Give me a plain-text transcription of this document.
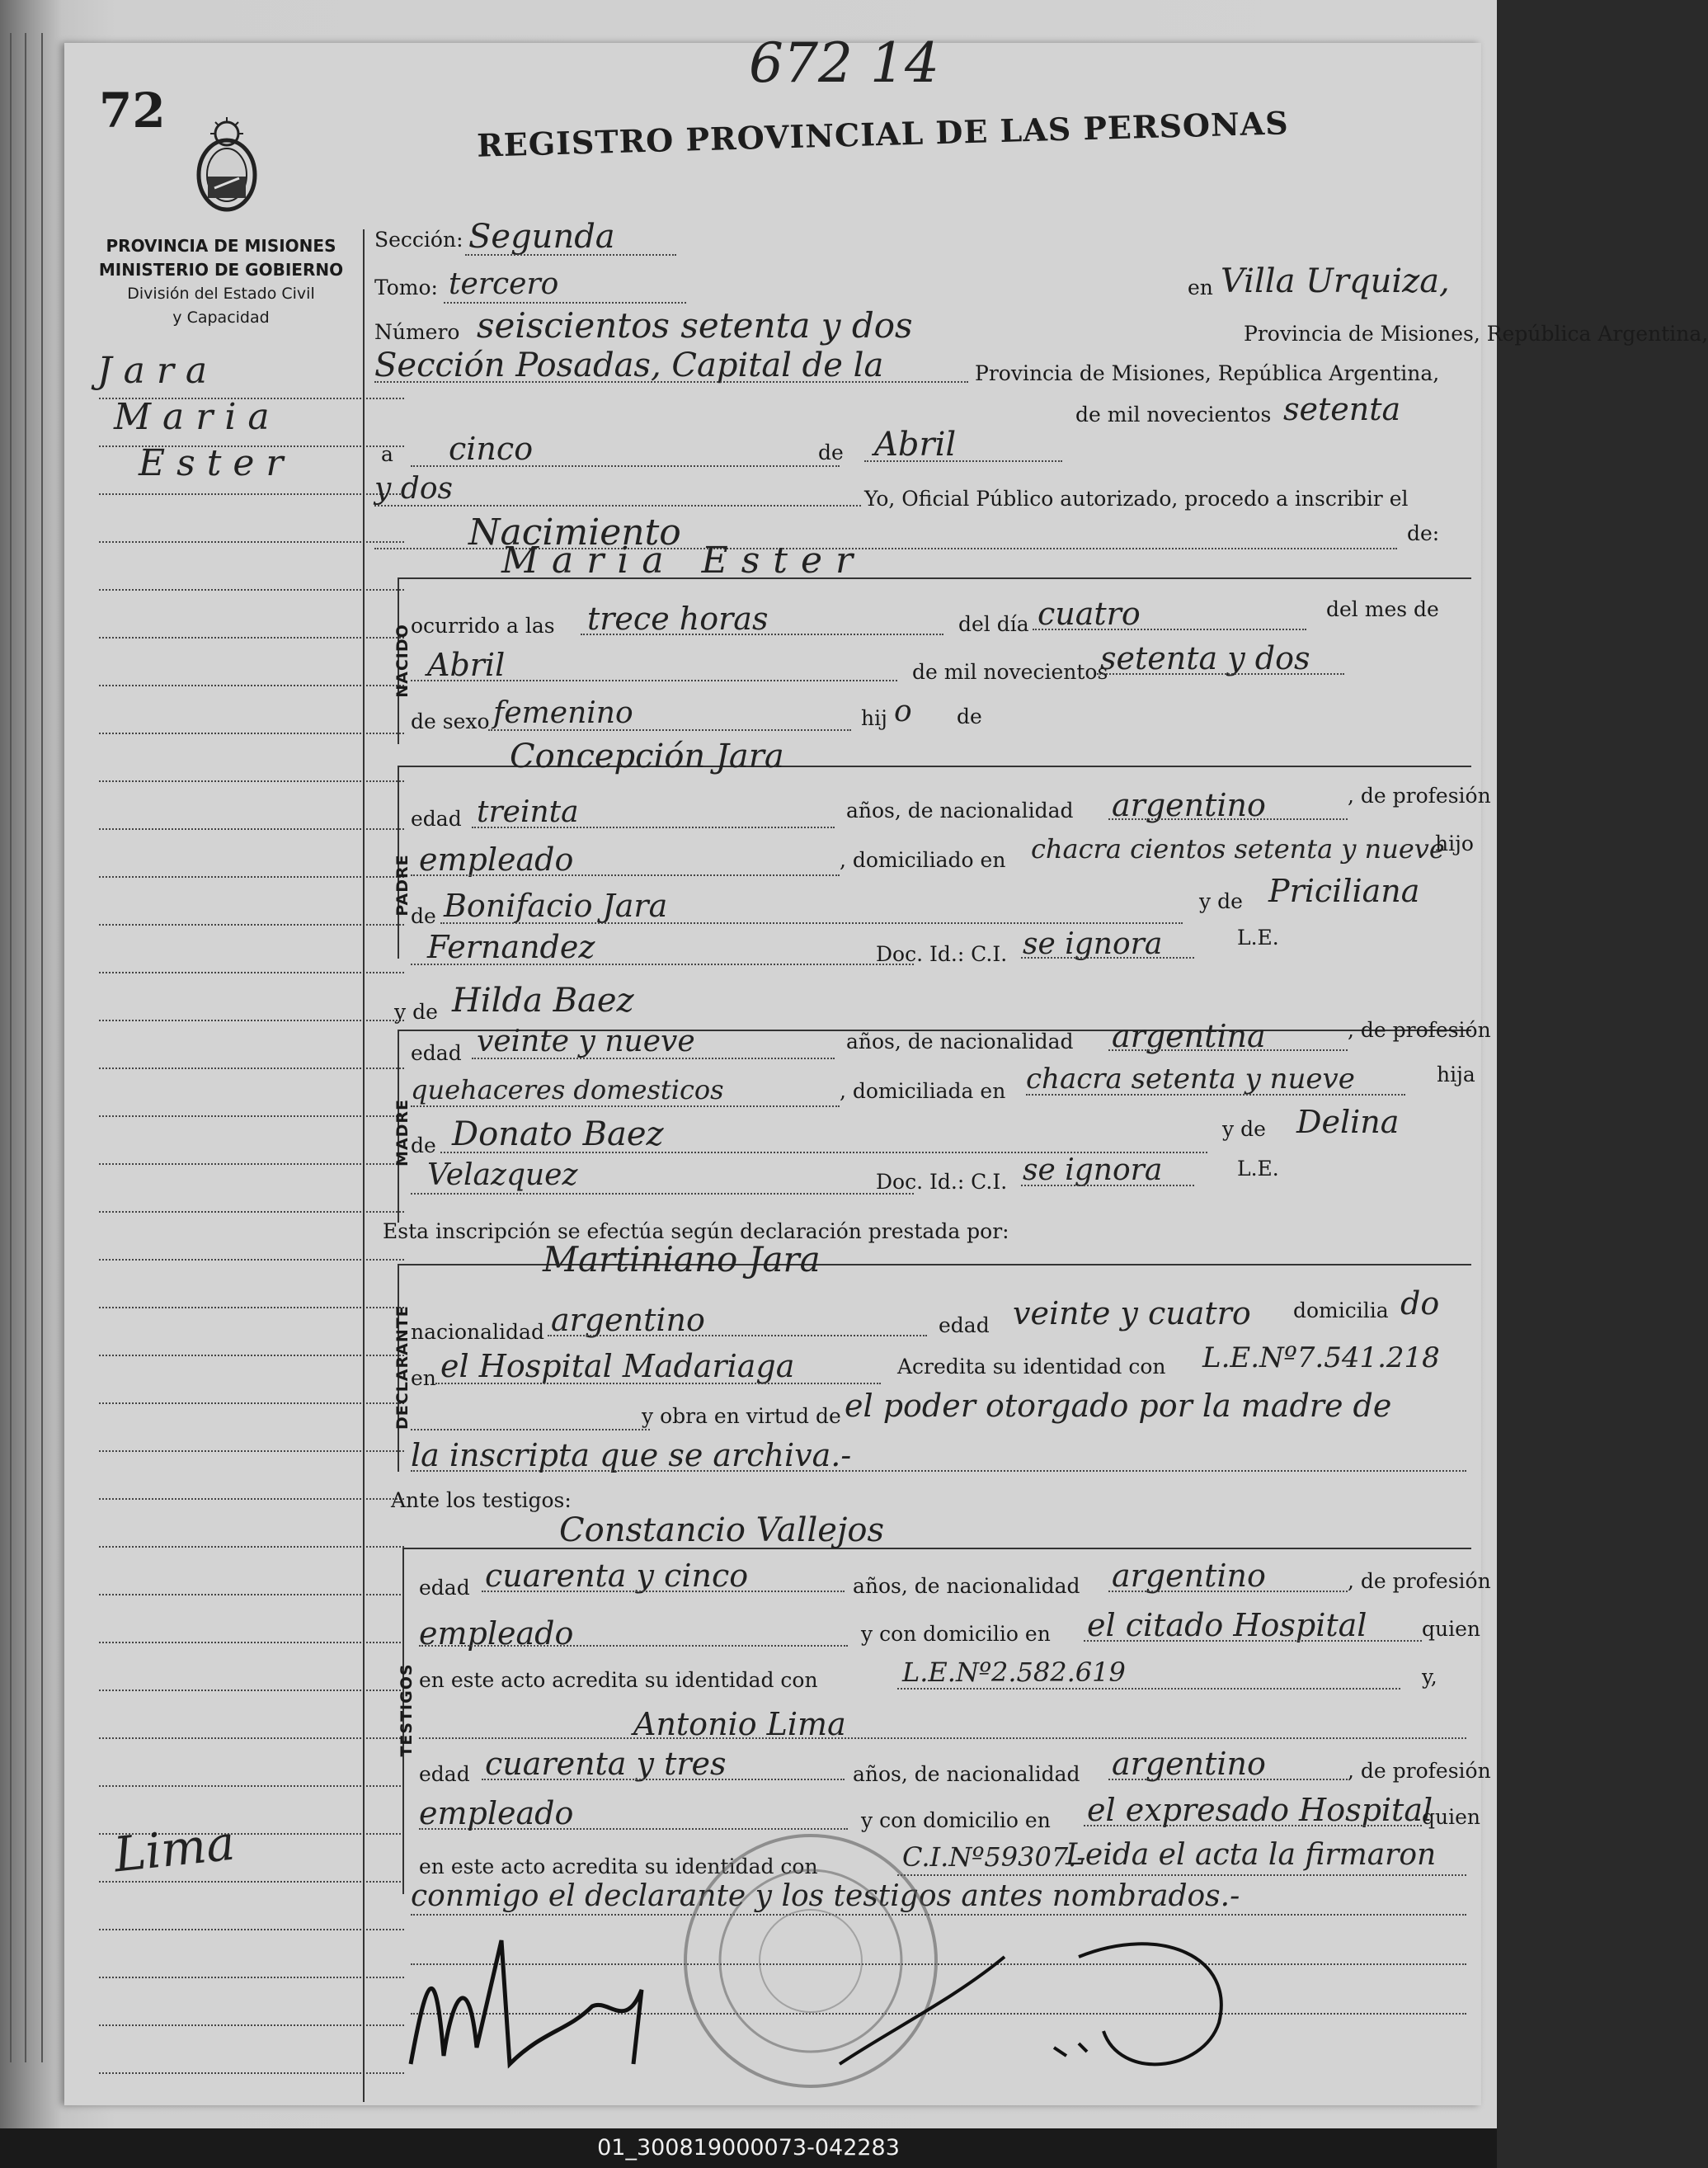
72
672 14
PROVINCIA DE MISIONES
MINISTERIO DE GOBIERNO
División del Estado Civil
y Capacidad
REGISTRO PROVINCIAL DE LAS PERSONAS
Jara
Maria
Ester
Lima
Sección: Segunda
Tomo: tercero	en Villa Urquiza,
Número seiscientos setenta y dos	Provincia de Misiones, República Argentina,
Sección Posadas, Capital de la	Provincia de Misiones, República Argentina,
de mil novecientos setenta
a cinco	de Abril
y dos	Yo, Oficial Público autorizado, procedo a inscribir el
de:
Nacimiento
NACIDO
Maria Ester
ocurrido a las trece horas	del día cuatro	del mes de
Abril	de mil novecientos
setenta y dos
de sexo femenino	hij o de
PADRE
Concepción Jara
edad treinta	años, de nacionalidad argentino	, de profesión
empleado	, domiciliado en chacra cientos setenta y nueve
hijo
de Bonifacio Jara	y de Priciliana
Fernandez	Doc. Id.: C.I. se ignora	L.E.
y de Hilda Baez
MADRE
edad veinte y nueve	años, de nacionalidad argentina	, de profesión
quehaceres domesticos	, domiciliada en chacra setenta y nueve	hija
de Donato Baez	y de Delina
Velazquez	Doc. Id.: C.I. se ignora	L.E.
Esta inscripción se efectúa según declaración prestada por:
DECLARANTE
Martiniano Jara
nacionalidad argentino	edad veinte y cuatro domicilia do
en el Hospital Madariaga	Acredita su identidad con L.E.Nº7.541.218
y obra en virtud de el poder otorgado por la madre de
la inscripta que se archiva.-
Ante los testigos:
TESTIGOS
Constancio Vallejos
edad cuarenta y cinco	años, de nacionalidad argentino	, de profesión
empleado	y con domicilio en el citado Hospital	quien
en este acto acredita su identidad con	L.E.Nº2.582.619	y,
Antonio Lima
edad cuarenta y tres	años, de nacionalidad argentino	, de profesión
empleado	y con domicilio en el expresado Hospital
quien
en este acto acredita su identidad con	C.I.Nº59307.-
Leida el acta la firmaron
conmigo el declarante y los testigos antes nombrados.-
01_300819000073-042283
